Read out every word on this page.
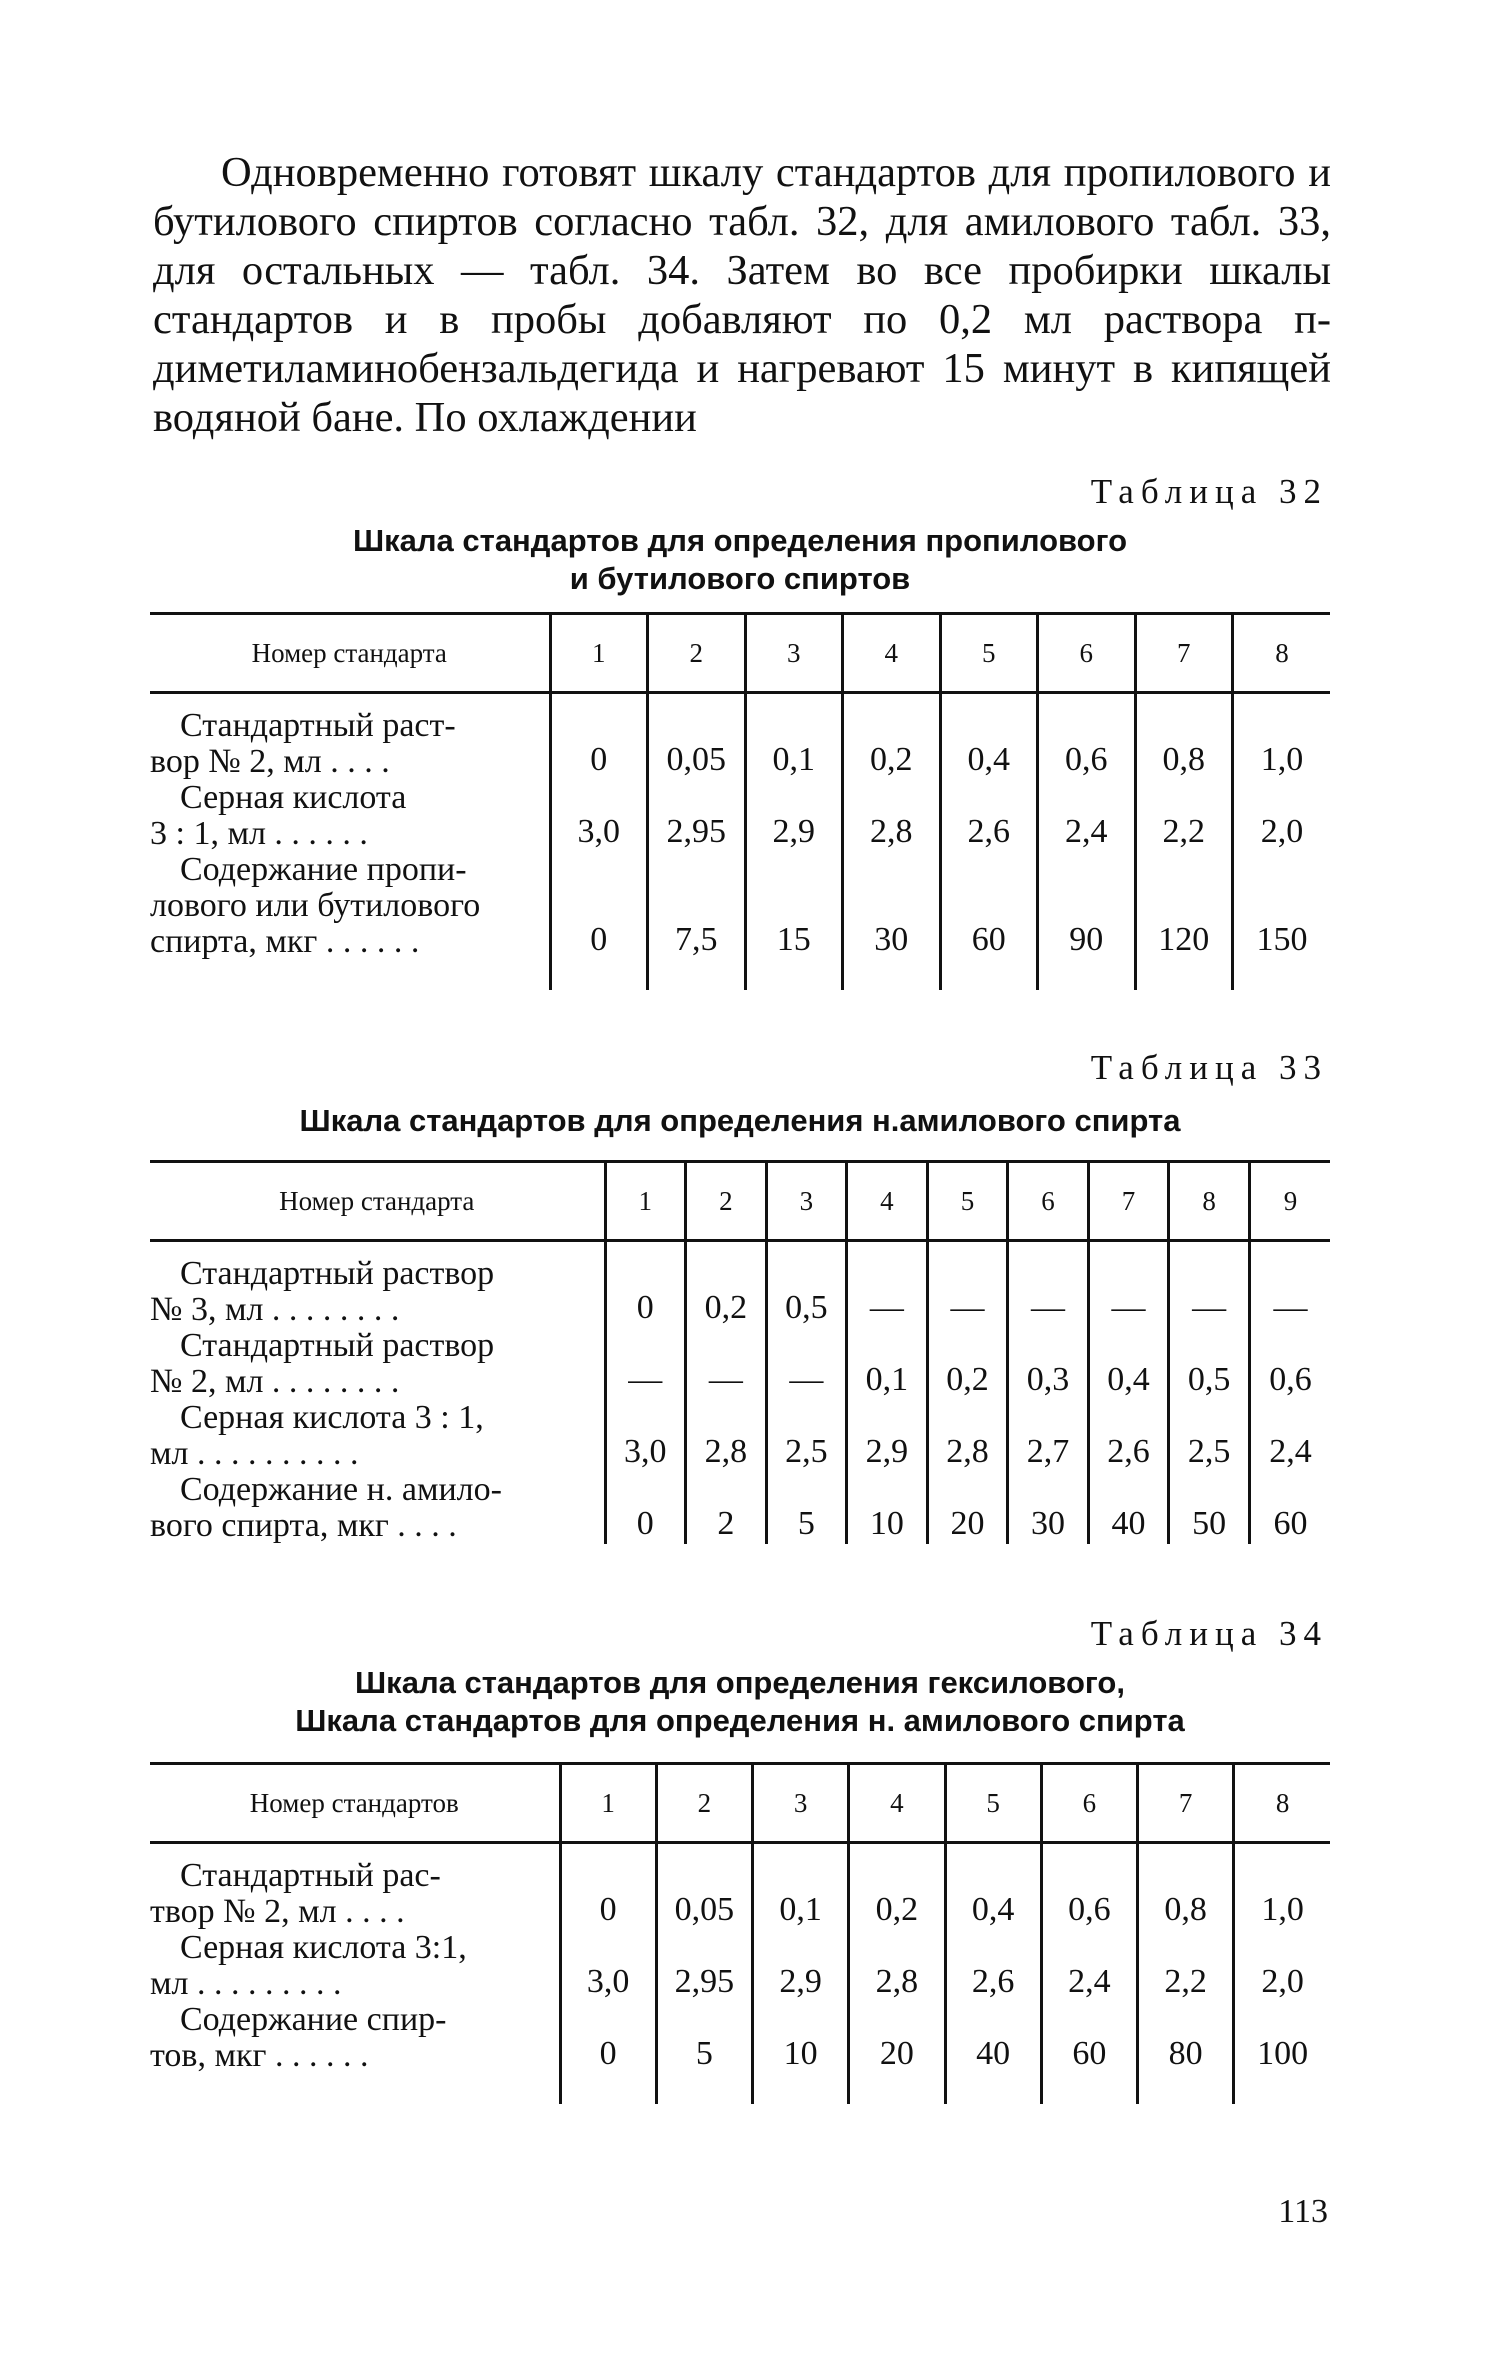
Одновременно готовят шкалу стандартов для пропилового и бутилового спиртов согласно табл. 32, для амилового табл. 33, для остальных — табл. 34. Затем во все пробирки шкалы стандартов и в пробы добавляют по 0,2 мл раствора п-диметиламинобензальдегида и нагревают 15 минут в кипящей водяной бане. По охлаждении

Таблица 32

Шкала стандартов для определения пропилового
и бутилового спиртов

Номер стандарта	1	2	3	4	5	6	7	8

Стандартный раст-
вор № 2, мл . . . .	0	0,05	0,1	0,2	0,4	0,6	0,8	1,0
Серная кислота
3 : 1, мл . . . . . .	3,0	2,95	2,9	2,8	2,6	2,4	2,2	2,0
Содержание пропи-
лового или бутилового
спирта, мкг . . . . . .	0	7,5	15	30	60	90	120	150

Таблица 33

Шкала стандартов для определения н.амилового спирта

Номер стандарта	1	2	3	4	5	6	7	8	9

Стандартный раствор
№ 3, мл . . . . . . . .	0	0,2	0,5	—	—	—	—	—	—
Стандартный раствор
№ 2, мл . . . . . . . .	—	—	—	0,1	0,2	0,3	0,4	0,5	0,6
Серная кислота 3 : 1,
мл . . . . . . . . . .	3,0	2,8	2,5	2,9	2,8	2,7	2,6	2,5	2,4
Содержание н. амило-
вого спирта, мкг . . . .	0	2	5	10	20	30	40	50	60

Таблица 34

Шкала стандартов для определения гексилового,
Шкала стандартов для определения н. амилового спирта

Номер стандартов	1	2	3	4	5	6	7	8

Стандартный рас-
твор № 2, мл . . . .	0	0,05	0,1	0,2	0,4	0,6	0,8	1,0
Серная кислота 3:1,
мл . . . . . . . . .	3,0	2,95	2,9	2,8	2,6	2,4	2,2	2,0
Содержание спир-
тов, мкг . . . . . .	0	5	10	20	40	60	80	100

113
